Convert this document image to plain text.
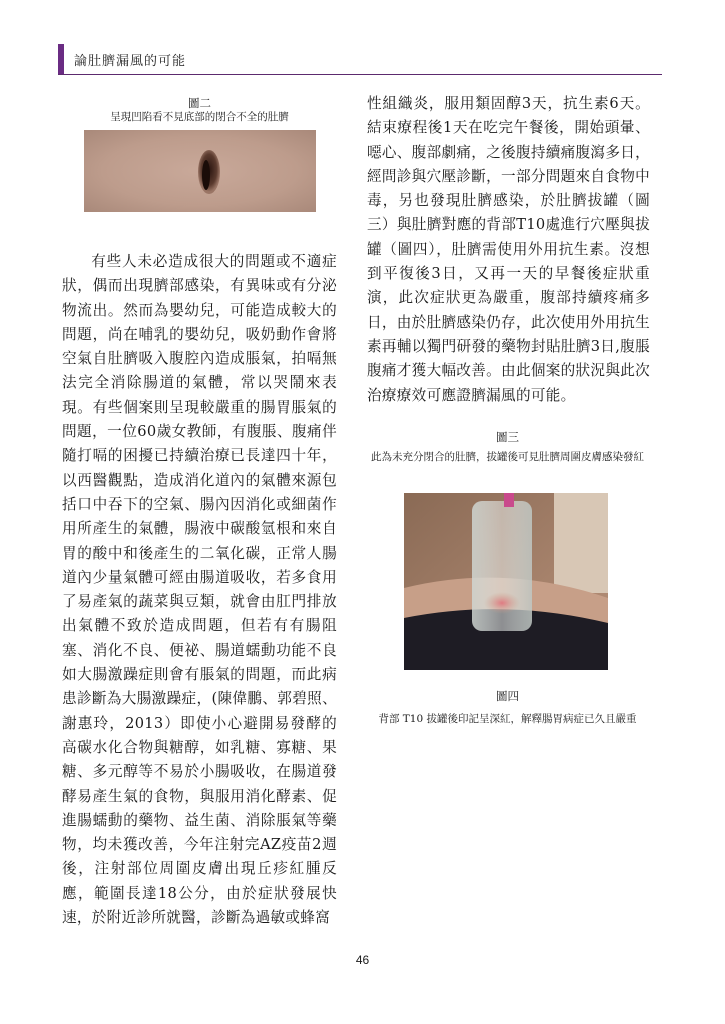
論肚臍漏風的可能
圖二
呈現凹陷看不見底部的閉合不全的肚臍

有些人未必造成很大的問題或不適症狀，偶而出現臍部感染，有異味或有分泌物流出。然而為嬰幼兒，可能造成較大的問題，尚在哺乳的嬰幼兒，吸奶動作會將空氣自肚臍吸入腹腔內造成脹氣，拍嗝無法完全消除腸道的氣體，常以哭鬧來表現。有些個案則呈現較嚴重的腸胃脹氣的問題，一位60歲女教師，有腹脹、腹痛伴隨打嗝的困擾已持續治療已長達四十年，以西醫觀點，造成消化道內的氣體來源包括口中吞下的空氣、腸內因消化或細菌作用所產生的氣體，腸液中碳酸氫根和來自胃的酸中和後產生的二氧化碳，正常人腸道內少量氣體可經由腸道吸收，若多食用了易產氣的蔬菜與豆類，就會由肛門排放出氣體不致於造成問題，但若有有腸阻塞、消化不良、便祕、腸道蠕動功能不良如大腸激躁症則會有脹氣的問題，而此病患診斷為大腸激躁症，(陳偉鵬、郭碧照、謝惠玲，2013）即使小心避開易發酵的高碳水化合物與糖醇，如乳糖、寡糖、果糖、多元醇等不易於小腸吸收，在腸道發酵易產生氣的食物，與服用消化酵素、促進腸蠕動的藥物、益生菌、消除脹氣等藥物，均未獲改善，今年注射完AZ疫苗2週後，注射部位周圍皮膚出現丘疹紅腫反應，範圍長達18公分，由於症狀發展快速，於附近診所就醫，診斷為過敏或蜂窩

性組織炎，服用類固醇3天，抗生素6天。結束療程後1天在吃完午餐後，開始頭暈、噁心、腹部劇痛，之後腹持續痛腹瀉多日，經問診與穴壓診斷，一部分問題來自食物中毒，另也發現肚臍感染，於肚臍拔罐（圖三）與肚臍對應的背部T10處進行穴壓與拔罐（圖四），肚臍需使用外用抗生素。沒想到平復後3日，又再一天的早餐後症狀重演，此次症狀更為嚴重，腹部持續疼痛多日，由於肚臍感染仍存，此次使用外用抗生素再輔以獨門研發的藥物封貼肚臍3日,腹脹腹痛才獲大幅改善。由此個案的狀況與此次治療療效可應證臍漏風的可能。

圖三
此為未充分閉合的肚臍，拔罐後可見肚臍周圍皮膚感染發紅
圖四
背部 T10 拔罐後印記呈深紅，解釋腸胃病症已久且嚴重
46
